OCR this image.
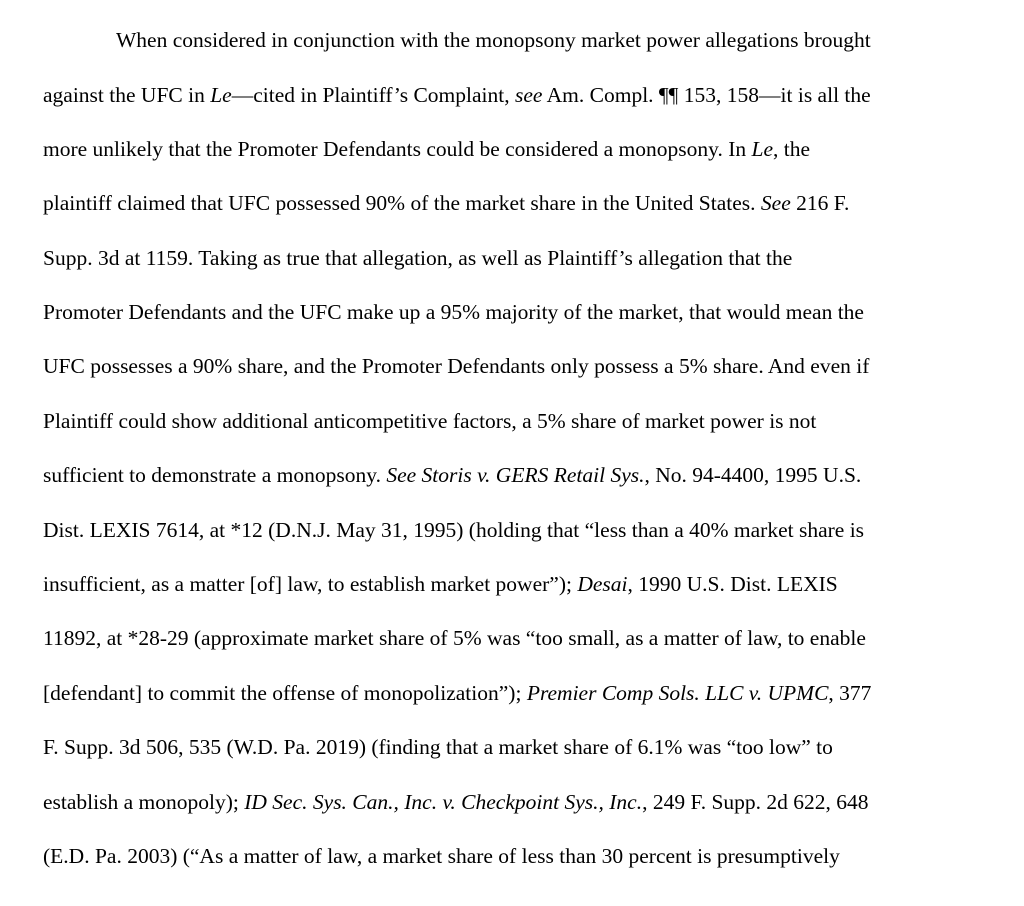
When considered in conjunction with the monopsony market power allegations brought
against the UFC in Le—cited in Plaintiff’s Complaint, see Am. Compl. ¶¶ 153, 158—it is all the
more unlikely that the Promoter Defendants could be considered a monopsony. In Le, the
plaintiff claimed that UFC possessed 90% of the market share in the United States. See 216 F.
Supp. 3d at 1159. Taking as true that allegation, as well as Plaintiff’s allegation that the
Promoter Defendants and the UFC make up a 95% majority of the market, that would mean the
UFC possesses a 90% share, and the Promoter Defendants only possess a 5% share. And even if
Plaintiff could show additional anticompetitive factors, a 5% share of market power is not
sufficient to demonstrate a monopsony. See Storis v. GERS Retail Sys., No. 94-4400, 1995 U.S.
Dist. LEXIS 7614, at *12 (D.N.J. May 31, 1995) (holding that “less than a 40% market share is
insufficient, as a matter [of] law, to establish market power”); Desai, 1990 U.S. Dist. LEXIS
11892, at *28-29 (approximate market share of 5% was “too small, as a matter of law, to enable
[defendant] to commit the offense of monopolization”); Premier Comp Sols. LLC v. UPMC, 377
F. Supp. 3d 506, 535 (W.D. Pa. 2019) (finding that a market share of 6.1% was “too low” to
establish a monopoly); ID Sec. Sys. Can., Inc. v. Checkpoint Sys., Inc., 249 F. Supp. 2d 622, 648
(E.D. Pa. 2003) (“As a matter of law, a market share of less than 30 percent is presumptively
